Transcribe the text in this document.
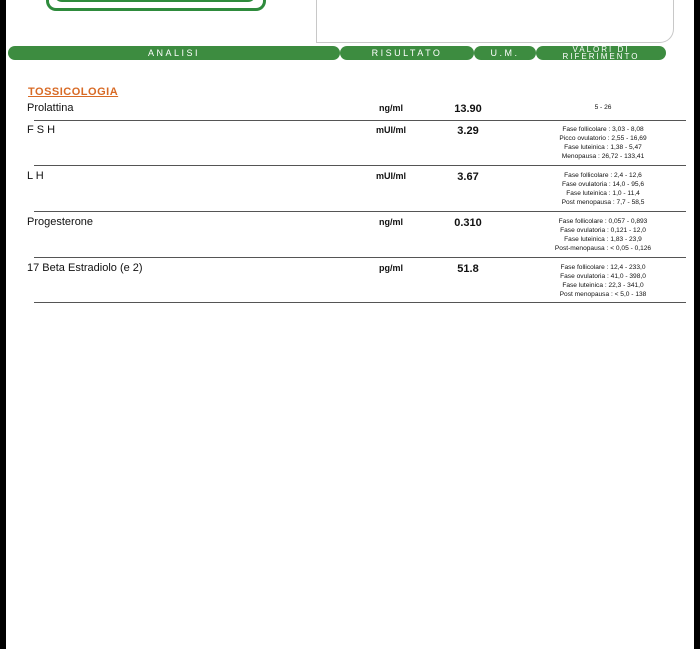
ANALISI	RISULTATO	U.M.	VALORI DI
RIFERIMENTO
TOSSICOLOGIA
Prolattina	ng/ml	13.90	5 - 26
F S H	mUI/ml	3.29	Fase follicolare : 3,03 - 8,08
Picco ovulatorio : 2,55 - 16,69
Fase luteinica : 1,38 - 5,47
Menopausa : 26,72 - 133,41
L H	mUI/ml	3.67	Fase follicolare : 2,4 - 12,6
Fase ovulatoria : 14,0 - 95,6
Fase luteinica : 1,0 - 11,4
Post menopausa : 7,7 - 58,5
Progesterone	ng/ml	0.310	Fase follicolare : 0,057 - 0,893
Fase ovulatoria : 0,121 - 12,0
Fase luteinica : 1,83 - 23,9
Post-menopausa : < 0,05 - 0,126
17 Beta Estradiolo (e 2)	pg/ml	51.8	Fase follicolare : 12,4 - 233,0
Fase ovulatoria : 41,0 - 398,0
Fase luteinica : 22,3 - 341,0
Post menopausa : < 5,0 - 138
